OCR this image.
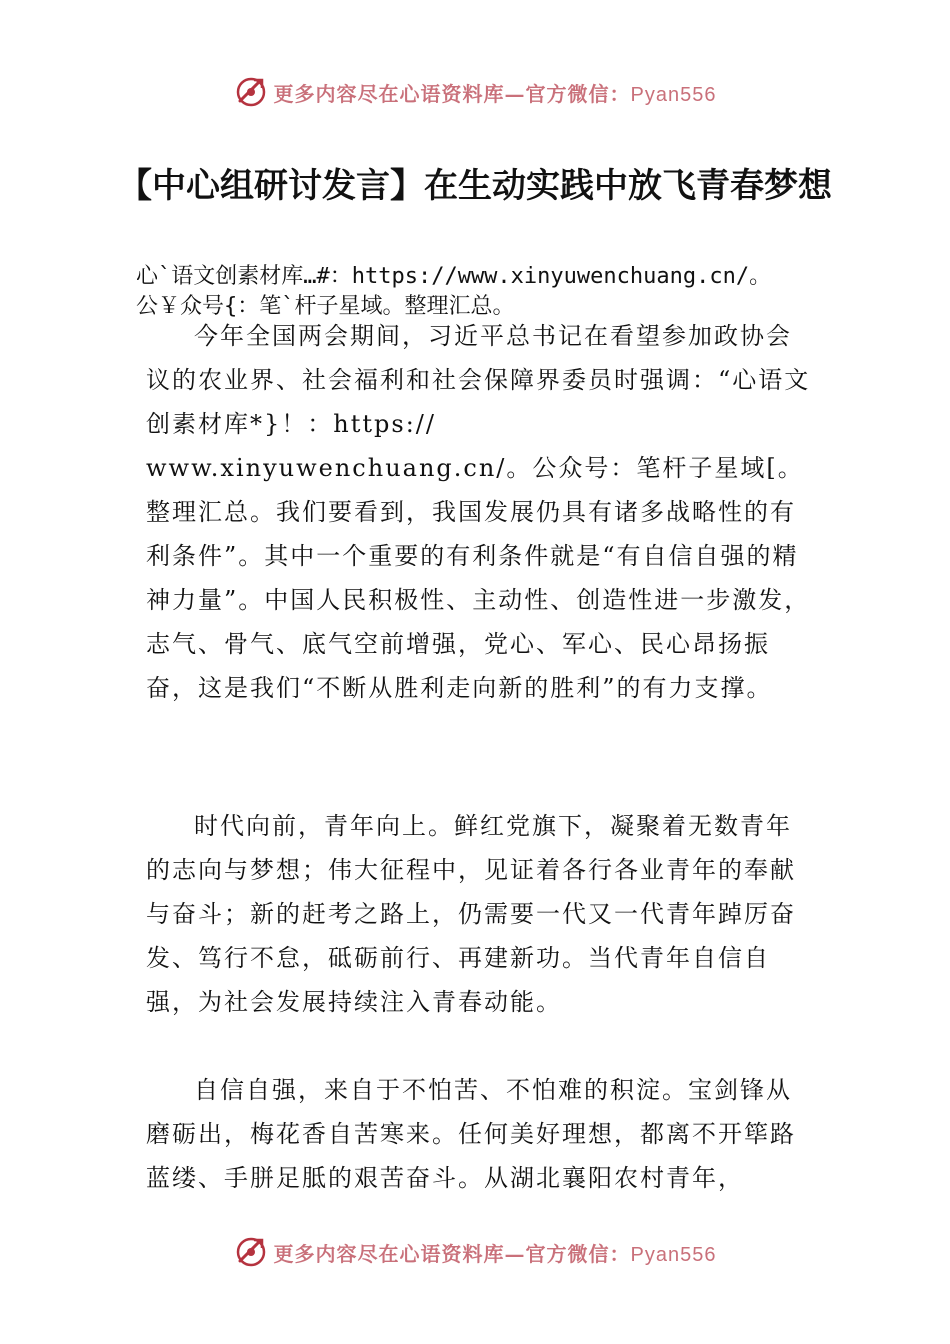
更多内容尽在心语资料库—官方微信：Pyan556
【中心组研讨发言】在生动实践中放飞青春梦想
心`语文创素材库…#：https://www.xinyuwenchuang.cn/。
公￥众号{：笔`杆子星域。整理汇总。

今年全国两会期间，习近平总书记在看望参加政协会议的农业界、社会福利和社会保障界委员时强调：“心语文创素材库*}！：https:// www.xinyuwenchuang.cn/。公众号：笔杆子星域[。整理汇总。我们要看到，我国发展仍具有诸多战略性的有利条件”。其中一个重要的有利条件就是“有自信自强的精神力量”。中国人民积极性、主动性、创造性进一步激发，志气、骨气、底气空前增强，党心、军心、民心昂扬振奋，这是我们“不断从胜利走向新的胜利”的有力支撑。

时代向前，青年向上。鲜红党旗下，凝聚着无数青年的志向与梦想；伟大征程中，见证着各行各业青年的奉献与奋斗；新的赶考之路上，仍需要一代又一代青年踔厉奋发、笃行不怠，砥砺前行、再建新功。当代青年自信自强，为社会发展持续注入青春动能。

自信自强，来自于不怕苦、不怕难的积淀。宝剑锋从磨砺出，梅花香自苦寒来。任何美好理想，都离不开筚路蓝缕、手胼足胝的艰苦奋斗。从湖北襄阳农村青年，

更多内容尽在心语资料库—官方微信：Pyan556
